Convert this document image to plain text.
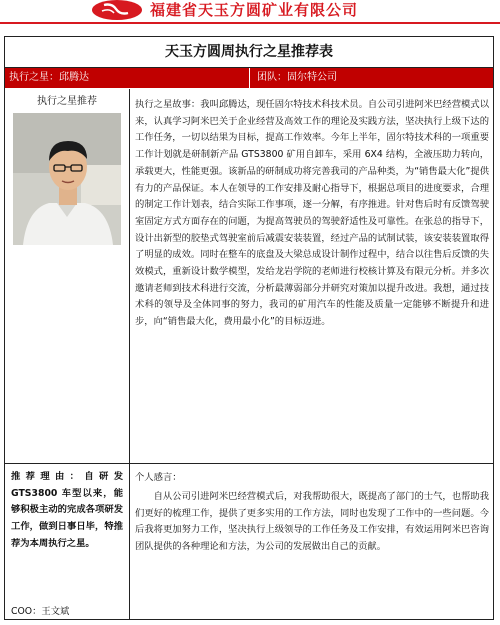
福建省天玉方圆矿业有限公司
天玉方圆周执行之星推荐表
执行之星：邱腾达	团队：固尔特公司
执行之星推荐	执行之星故事：我叫邱腾达，现任固尔特技术科技术员。自公司引进阿米巴经营模式以来，认真学习阿米巴关于企业经营及高效工作的理论及实践方法，坚决执行上级下达的工作任务，一切以结果为目标，提高工作效率。今年上半年，固尔特技术科的一项重要工作计划就是研制新产品 GTS3800 矿用自卸车，采用 6X4 结构，全液压助力转向，承载更大，性能更强。该新品的研制成功将完善我司的产品种类，为“销售最大化”提供有力的产品保证。本人在领导的工作安排及耐心指导下，根据总项目的进度要求，合理的制定工作计划表，结合实际工作事项，逐一分解，有序推进。针对售后时有反馈驾驶室固定方式方面存在的问题，为提高驾驶员的驾驶舒适性及可靠性。在张总的指导下，设计出新型的胶垫式驾驶室前后减震安装装置，经过产品的试制试装，该安装装置取得了明显的成效。同时在整车的底盘及大梁总成设计制作过程中，结合以往售后反馈的失效模式，重新设计数学模型，发给龙岩学院的老师进行校核计算及有限元分析。并多次邀请老师到技术科进行交流，分析最薄弱部分并研究对策加以提升改进。我想，通过技术科的领导及全体同事的努力，我司的矿用汽车的性能及质量一定能够不断提升和进步，向“销售最大化，费用最小化”的目标迈进。
推荐理由：自研发GTS3800 车型以来，能够积极主动的完成各项研发工作，做到日事日毕，特推荐为本周执行之星。
COO：王文斌
个人感言：
自从公司引进阿米巴经营模式后，对我帮助很大，既提高了部门的士气，也帮助我们更好的梳理工作，提供了更多实用的工作方法，同时也发现了工作中的一些问题。今后我将更加努力工作，坚决执行上级领导的工作任务及工作安排，有效运用阿米巴咨询团队提供的各种理论和方法，为公司的发展做出自己的贡献。
